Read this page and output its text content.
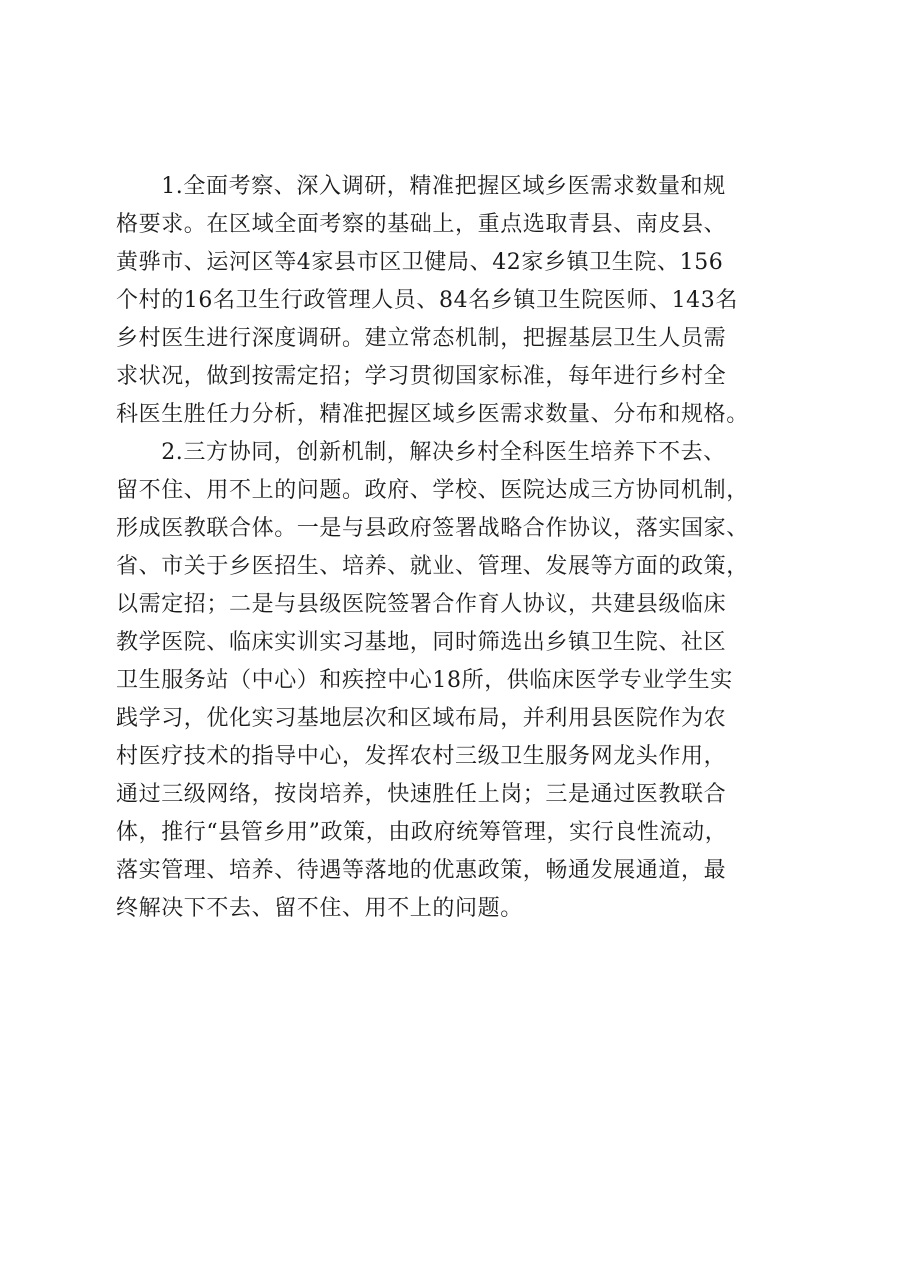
　　1.全面考察、深入调研，精准把握区域乡医需求数量和规
格要求。在区域全面考察的基础上，重点选取青县、南皮县、
黄骅市、运河区等4家县市区卫健局、42家乡镇卫生院、156
个村的16名卫生行政管理人员、84名乡镇卫生院医师、143名
乡村医生进行深度调研。建立常态机制，把握基层卫生人员需
求状况，做到按需定招；学习贯彻国家标准，每年进行乡村全
科医生胜任力分析，精准把握区域乡医需求数量、分布和规格。
　　2.三方协同，创新机制，解决乡村全科医生培养下不去、
留不住、用不上的问题。政府、学校、医院达成三方协同机制，
形成医教联合体。一是与县政府签署战略合作协议，落实国家、
省、市关于乡医招生、培养、就业、管理、发展等方面的政策，
以需定招；二是与县级医院签署合作育人协议，共建县级临床
教学医院、临床实训实习基地，同时筛选出乡镇卫生院、社区
卫生服务站（中心）和疾控中心18所，供临床医学专业学生实
践学习，优化实习基地层次和区域布局，并利用县医院作为农
村医疗技术的指导中心，发挥农村三级卫生服务网龙头作用，
通过三级网络，按岗培养，快速胜任上岗；三是通过医教联合
体，推行“县管乡用”政策，由政府统筹管理，实行良性流动，
落实管理、培养、待遇等落地的优惠政策，畅通发展通道，最
终解决下不去、留不住、用不上的问题。
